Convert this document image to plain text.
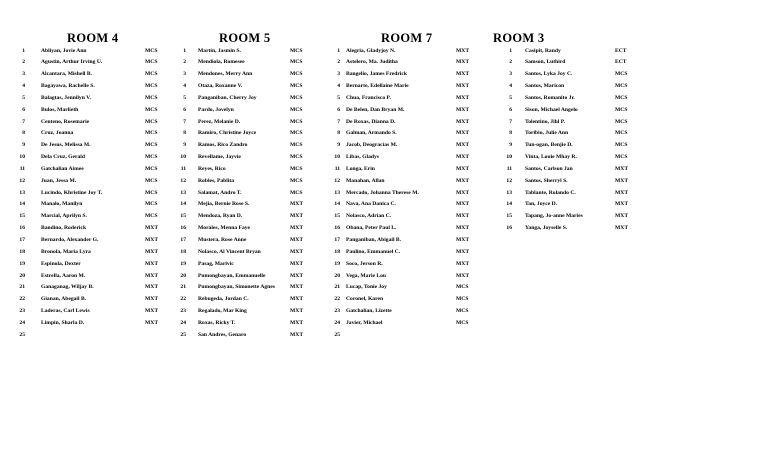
ROOM 4
1	Abliyan, Jovie Ann	MCS
2	Agustin, Arthur Irving U.	MCS
3	Alcantara, Mishell B.	MCS
4	Bagayawa, Rachelle S.	MCS
5	Balagtas, Jennilyn V.	MCS
6	Bulos, Marlieth	MCS
7	Centeno, Rosemarie	MCS
8	Cruz, Joanna	MCS
9	De Jesus, Melissa M.	MCS
10	Dela Cruz, Gerald	MCS
11	Gatchalian Aimee	MCS
12	Juan, Jessa M.	MCS
13	Lucindo, Khristine Joy T.	MCS
14	Manalo, Manilyn	MCS
15	Marcial, Aprilyn S.	MCS
16	Bandino, Roderick	MXT
17	Bernardo, Alexander G.	MXT
18	Bronola, Maria Lyra	MXT
19	Espinola, Dexter	MXT
20	Estrella, Aaron M.	MXT
21	Ganaganag, Wiljay B.	MXT
22	Gianan, Abegail B.	MXT
23	Laderas, Carl Lewis	MXT
24	Limpin, Sharla D.	MXT
25
ROOM 5
1 Martin, Jasmin S.	MCS
2 Mendiola, Romesee	MCS
3 Mendones, Merry Ann	MCS
4 Otaza, Roxanne V.	MCS
5 Panganiban, Cherry Joy	MCS
6 Pardo, Jovelyn	MCS
7 Perez, Melanie D.	MCS
8 Ramiro, Christine Joyce	MCS
9 Ramos, Rico Zandro	MCS
10 Revellame, Jayvie	MCS
11 Reyes, Rico	MCS
12 Robles, Pablita	MCS
13 Salamat, Andro T.	MCS
14 Mejia, Bernie Rose S.	MXT
15 Mendoza, Ryan D.	MXT
16 Morales, Menna Faye	MXT
17 Mustera, Rose Anne	MXT
18 Nolasco, Al Vincent Bryan	MXT
19 Pasag, Marivic	MXT
20 Pumongbayan, Emmanuelle	MXT
21 Pumongbayan, Simonette Agnes	MXT
22 Rebugeda, Jordan C.	MXT
23 Regalado, Mar King	MXT
24 Roxas, Ricky T.	MXT
25 San Andres, Genaro	MXT
ROOM 7
1 Alegria, Gladyjoy N.	MXT
2 Astelero, Ma. Juditha	MXT
3 Bangelio, James Fredrick	MXT
4 Bernarte, Edellaine Marie	MXT
5 Chua, Francisco P.	MXT
6 De Belen, Dan Bryan M.	MXT
7 De Roxas, Dianna D.	MXT
8 Galman, Armando S.	MXT
9 Jacob, Deogracias M.	MXT
10 Libas, Gladys	MXT
11 Longa, Erin	MXT
12 Manahan, Allan	MXT
13 Mercado, Johanna Therese M.	MXT
14 Nava, Ana Danica C.	MXT
15 Nolasco, Adrian C.	MXT
16 Obana, Peter Paul L.	MXT
17 Panganiban, Abigail B.	MXT
18 Paulino, Emmanuel C.	MXT
19 Soco, Jerson R.	MXT
20 Vega, Marie Lou	MXT
21 Lucap, Tonie Joy	MCS
22 Coronel, Karen	MCS
23 Gatchalian, Lizette	MCS
24 Javier, Michael	MCS
25
ROOM 3
1 Casipit, Randy	ECT
2 Samson, Luthird	ECT
3 Santos, Lyka Joy C.	MCS
4 Santos, Maricon	MCS
5 Santos, Romanito Jr.	MCS
6 Sison, Michael Angelo	MCS
7 Tolentino, Jihl P.	MCS
8 Toribio, Julie Ann	MCS
9 Tun-ogan, Benjie D.	MCS
10 Vinta, Louie Mhay R.	MCS
11 Santos, Carlson Jan	MXT
12 Santos, Sherryl S.	MXT
13 Tablante, Rolando C.	MXT
14 Tan, Joyce D.	MXT
15 Tapang, Jo-anne Maries	MXT
16 Yanga, Joyselle S.	MXT
